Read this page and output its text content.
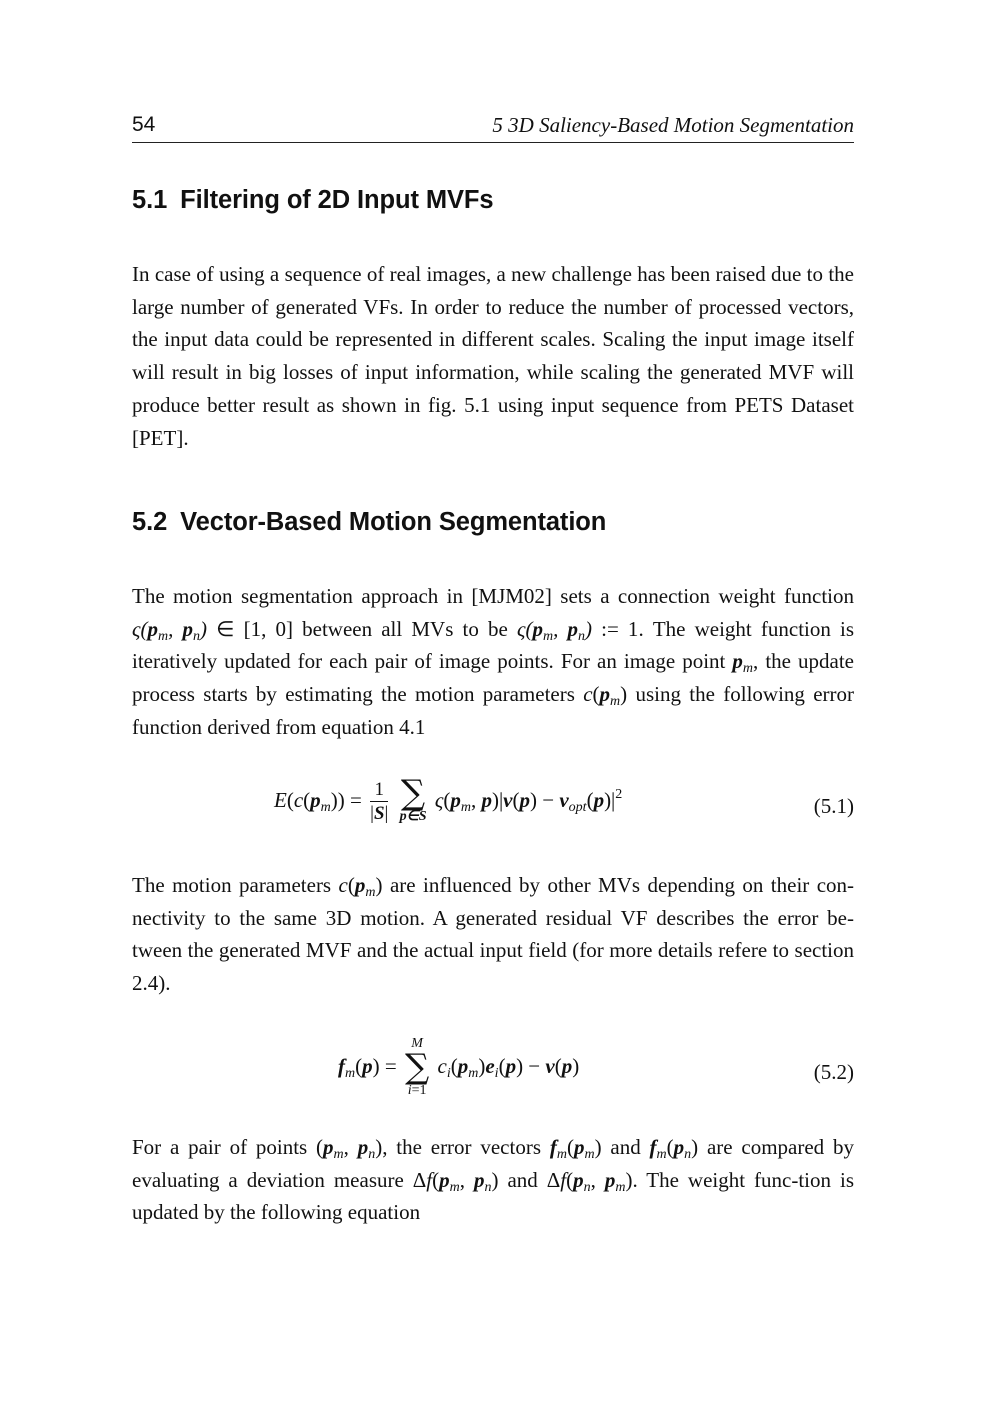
54	5 3D Saliency-Based Motion Segmentation
5.1 Filtering of 2D Input MVFs

In case of using a sequence of real images, a new challenge has been raised due to the large number of generated VFs. In order to reduce the number of processed vectors, the input data could be represented in different scales. Scaling the input image itself will result in big losses of input information, while scaling the generated MVF will produce better result as shown in fig. 5.1 using input sequence from PETS Dataset [PET].

5.2 Vector-Based Motion Segmentation

The motion segmentation approach in [MJM02] sets a connection weight function $\varsigma(p_m$, $p_n$) ∈ [1, 0] between all MVs to be $\varsigma(p_m$, $p_n$) := 1. The weight function is iteratively updated for each pair of image points. For an image point $p_m$, the update process starts by estimating the motion parameters $c(p_m)$ using the following error function derived from equation 4.1

$E(c(p_m)) = \frac{1}{|S|}$
∑
p∈S
$\varsigma(p_m$, $p)|v(p) - v_{opt}(p)|^2$	(5.1)

The motion parameters $c(p_m)$ are influenced by other MVs depending on their con-nectivity to the same 3D motion. A generated residual VF describes the error be-tween the generated MVF and the actual input field (for more details refere to section 2.4).

$f_m(p)$ =
M
∑
i=1
$c_i(p_m)e_i(p) - v(p)$	(5.2)

For a pair of points ($p_m$, $p_n$), the error vectors $f_m(p_m)$ and $f_m(p_n)$ are compared by evaluating a deviation measure $\Delta f(p_m$, $p_n$) and $\Delta f(p_n$, $p_m$). The weight func-tion is updated by the following equation
